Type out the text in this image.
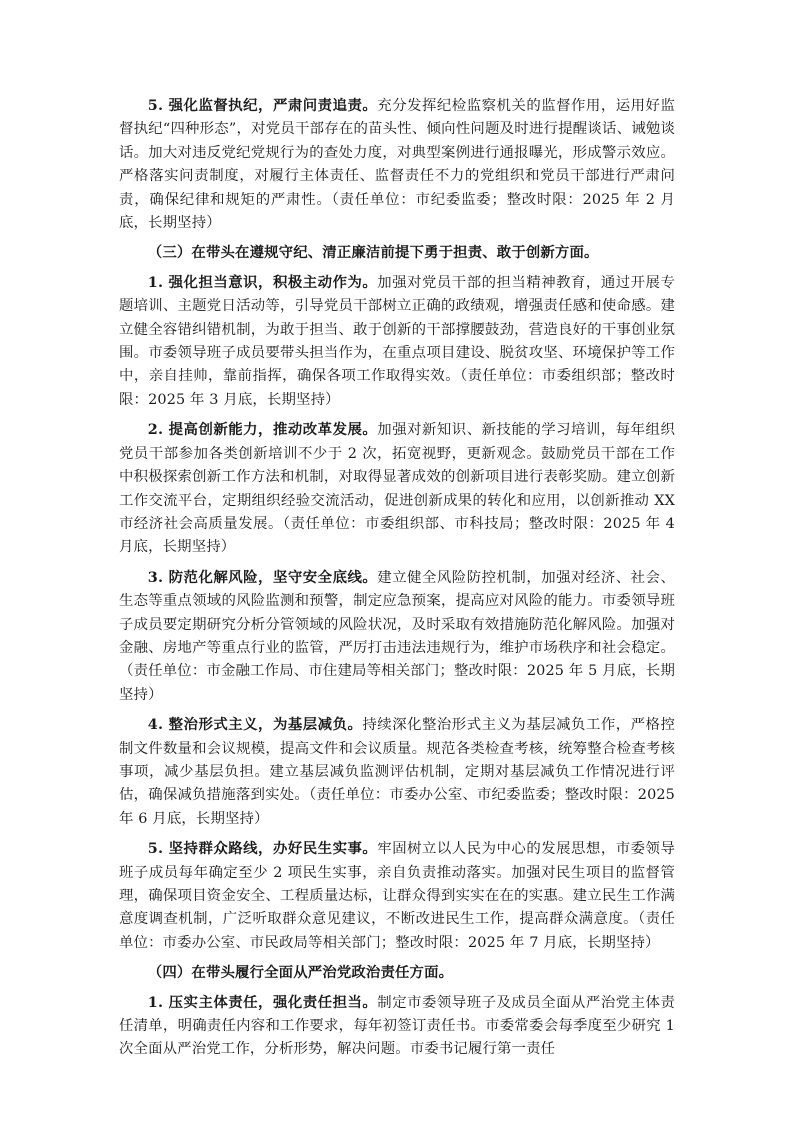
5. 强化监督执纪，严肃问责追责。充分发挥纪检监察机关的监督作用，运用好监督执纪“四种形态”，对党员干部存在的苗头性、倾向性问题及时进行提醒谈话、诫勉谈话。加大对违反党纪党规行为的查处力度，对典型案例进行通报曝光，形成警示效应。严格落实问责制度，对履行主体责任、监督责任不力的党组织和党员干部进行严肃问责，确保纪律和规矩的严肃性。（责任单位：市纪委监委；整改时限：2025 年 2 月底，长期坚持）

（三）在带头在遵规守纪、清正廉洁前提下勇于担责、敢于创新方面。

1. 强化担当意识，积极主动作为。加强对党员干部的担当精神教育，通过开展专题培训、主题党日活动等，引导党员干部树立正确的政绩观，增强责任感和使命感。建立健全容错纠错机制，为敢于担当、敢于创新的干部撑腰鼓劲，营造良好的干事创业氛围。市委领导班子成员要带头担当作为，在重点项目建设、脱贫攻坚、环境保护等工作中，亲自挂帅，靠前指挥，确保各项工作取得实效。（责任单位：市委组织部；整改时限：2025 年 3 月底，长期坚持）

2. 提高创新能力，推动改革发展。加强对新知识、新技能的学习培训，每年组织党员干部参加各类创新培训不少于 2 次，拓宽视野，更新观念。鼓励党员干部在工作中积极探索创新工作方法和机制，对取得显著成效的创新项目进行表彰奖励。建立创新工作交流平台，定期组织经验交流活动，促进创新成果的转化和应用，以创新推动 XX 市经济社会高质量发展。（责任单位：市委组织部、市科技局；整改时限：2025 年 4 月底，长期坚持）

3. 防范化解风险，坚守安全底线。建立健全风险防控机制，加强对经济、社会、生态等重点领域的风险监测和预警，制定应急预案，提高应对风险的能力。市委领导班子成员要定期研究分析分管领域的风险状况，及时采取有效措施防范化解风险。加强对金融、房地产等重点行业的监管，严厉打击违法违规行为，维护市场秩序和社会稳定。（责任单位：市金融工作局、市住建局等相关部门；整改时限：2025 年 5 月底，长期坚持）

4. 整治形式主义，为基层减负。持续深化整治形式主义为基层减负工作，严格控制文件数量和会议规模，提高文件和会议质量。规范各类检查考核，统筹整合检查考核事项，减少基层负担。建立基层减负监测评估机制，定期对基层减负工作情况进行评估，确保减负措施落到实处。（责任单位：市委办公室、市纪委监委；整改时限：2025 年 6 月底，长期坚持）

5. 坚持群众路线，办好民生实事。牢固树立以人民为中心的发展思想，市委领导班子成员每年确定至少 2 项民生实事，亲自负责推动落实。加强对民生项目的监督管理，确保项目资金安全、工程质量达标，让群众得到实实在在的实惠。建立民生工作满意度调查机制，广泛听取群众意见建议，不断改进民生工作，提高群众满意度。（责任单位：市委办公室、市民政局等相关部门；整改时限：2025 年 7 月底，长期坚持）

（四）在带头履行全面从严治党政治责任方面。

1. 压实主体责任，强化责任担当。制定市委领导班子及成员全面从严治党主体责任清单，明确责任内容和工作要求，每年初签订责任书。市委常委会每季度至少研究 1 次全面从严治党工作，分析形势，解决问题。市委书记履行第一责任
